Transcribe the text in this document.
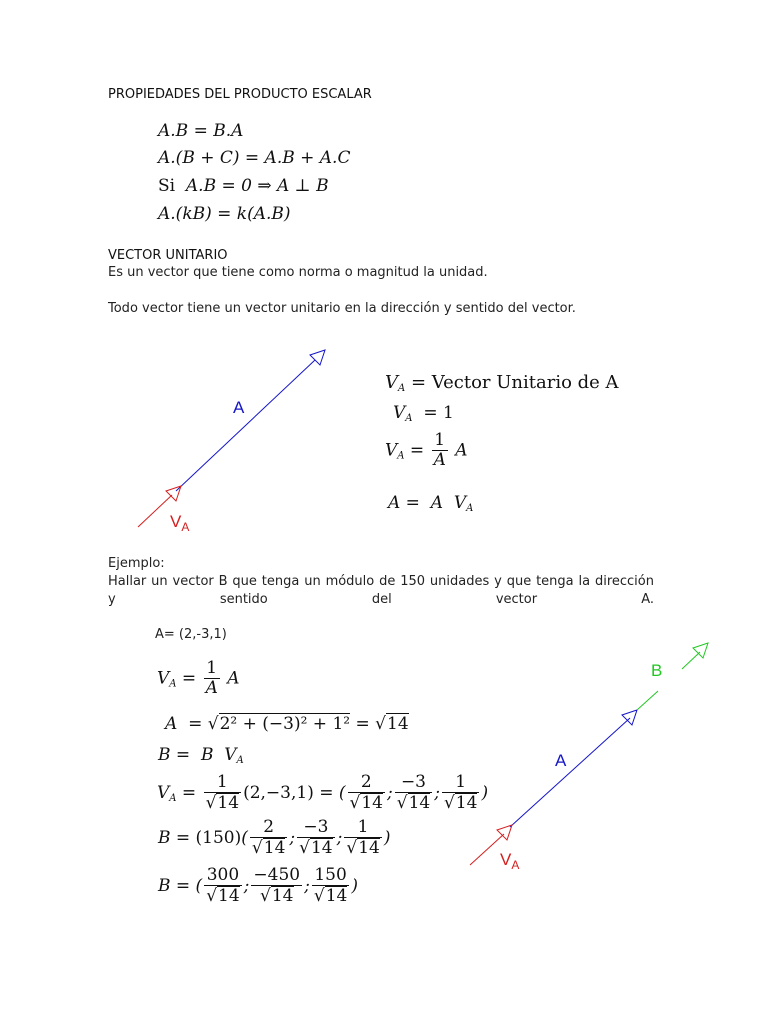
PROPIEDADES DEL PRODUCTO ESCALAR
A.B = B.A
A.(B + C) = A.B + A.C
Si A.B = 0 ⇒ A ⊥ B
A.(kB) = k(A.B)
VECTOR UNITARIO
Es un vector que tiene como norma o magnitud la unidad.
Todo vector tiene un vector unitario en la dirección y sentido del vector.
A
$V_A$
$V_A$ = Vector Unitario de A
$V_A = 1$
$V_A = \frac{1}{A}$ A
A =  A  $V_A$
Ejemplo:
Hallar un vector B que tenga un módulo de 150 unidades y que tenga la dirección y sentido del vector A.
A= (2,-3,1)
$V_A = \frac{1}{A}$ A
A  = √2² + (−3)² + 1² = √14
B =  B  $V_A$
$V_A = \frac{1}{√14} (2,-3,1)$ = ( $\frac{2}{√14}$ ; $\frac{-3}{√14}$ ; $\frac{1}{√14}$ )
$B = (150)( \frac{2}{√14}$ ; $\frac{-3}{√14}$ ; $\frac{1}{√14}$ )
B = ( $\frac{300}{√14}$ ; $\frac{-450}{√14}$ ; $\frac{150}{√14}$ )
A
B
$V_A$
